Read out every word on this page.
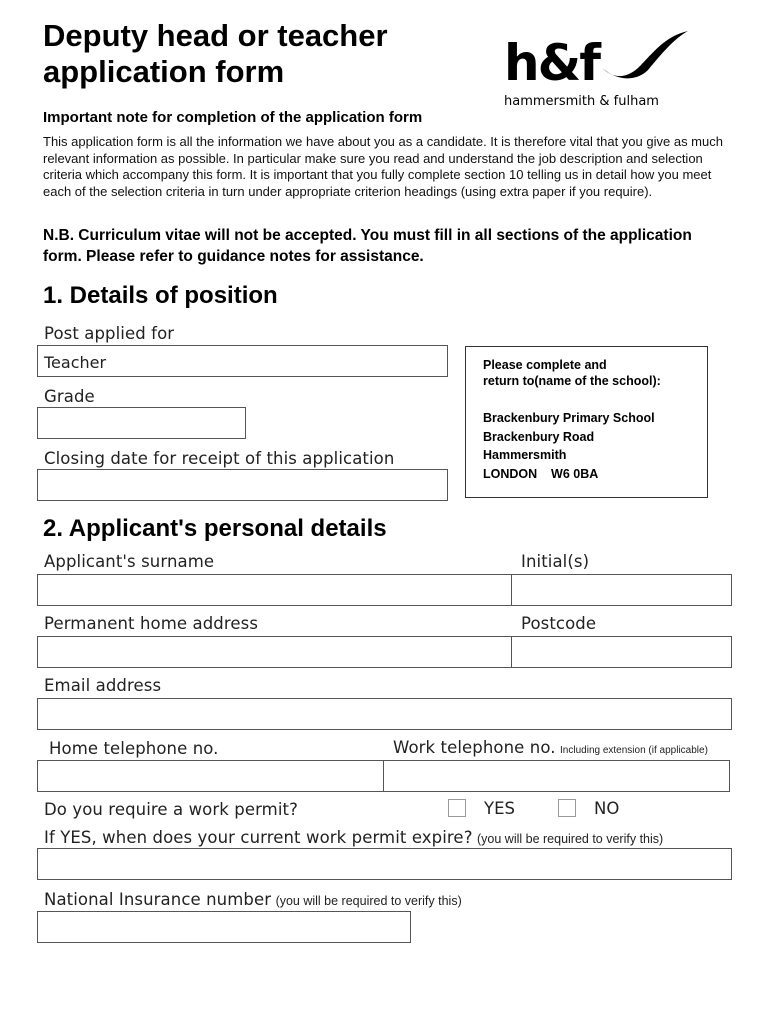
Deputy head or teacher
application form	h&f
hammersmith & fulham
Important note for completion of the application form
This application form is all the information we have about you as a candidate. It is therefore vital that you give as much relevant information as possible. In particular make sure you read and understand the job description and selection criteria which accompany this form. It is important that you fully complete section 10 telling us in detail how you meet each of the selection criteria in turn under appropriate criterion headings (using extra paper if you require).
N.B. Curriculum vitae will not be accepted. You must fill in all sections of the application form. Please refer to guidance notes for assistance.
1. Details of position
Post applied for
Teacher
Grade
Closing date for receipt of this application
Please complete and
return to(name of the school):
Brackenbury Primary School
Brackenbury Road
Hammersmith
LONDON    W6 0BA
2. Applicant's personal details
Applicant's surname	Initial(s)
Permanent home address	Postcode
Email address
Home telephone no.	Work telephone no. Including extension (if applicable)
Do you require a work permit?	YES	NO
If YES, when does your current work permit expire? (you will be required to verify this)
National Insurance number (you will be required to verify this)
